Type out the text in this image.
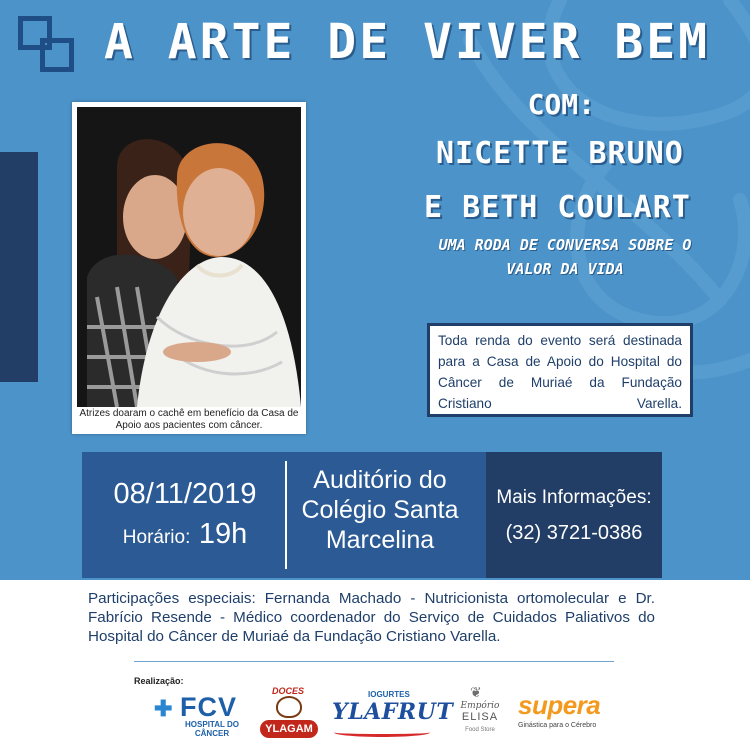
A ARTE DE VIVER BEM
COM:
NICETTE BRUNO
E BETH COULART
UMA RODA DE CONVERSA SOBRE O VALOR DA VIDA
Atrizes doaram o cachê em benefício da Casa de Apoio aos pacientes com câncer.
Toda renda do evento será destinada para a Casa de Apoio do Hospital do Câncer de Muriaé da Fundação Cristiano Varella.
08/11/2019
Horário: 19h
Auditório do Colégio Santa Marcelina
Mais Informações:
(32) 3721-0386
Participações especiais: Fernanda Machado - Nutricionista ortomolecular e Dr. Fabrício Resende - Médico coordenador do Serviço de Cuidados Paliativos do Hospital do Câncer de Muriaé da Fundação Cristiano Varella.
Realização:
✚ FCV
HOSPITAL DO CÂNCER
DOCES
YLAGAM
IOGURTES
YLAFRUT
❦
Empório
ELISA
Food Store
supera
Ginástica para o Cérebro
